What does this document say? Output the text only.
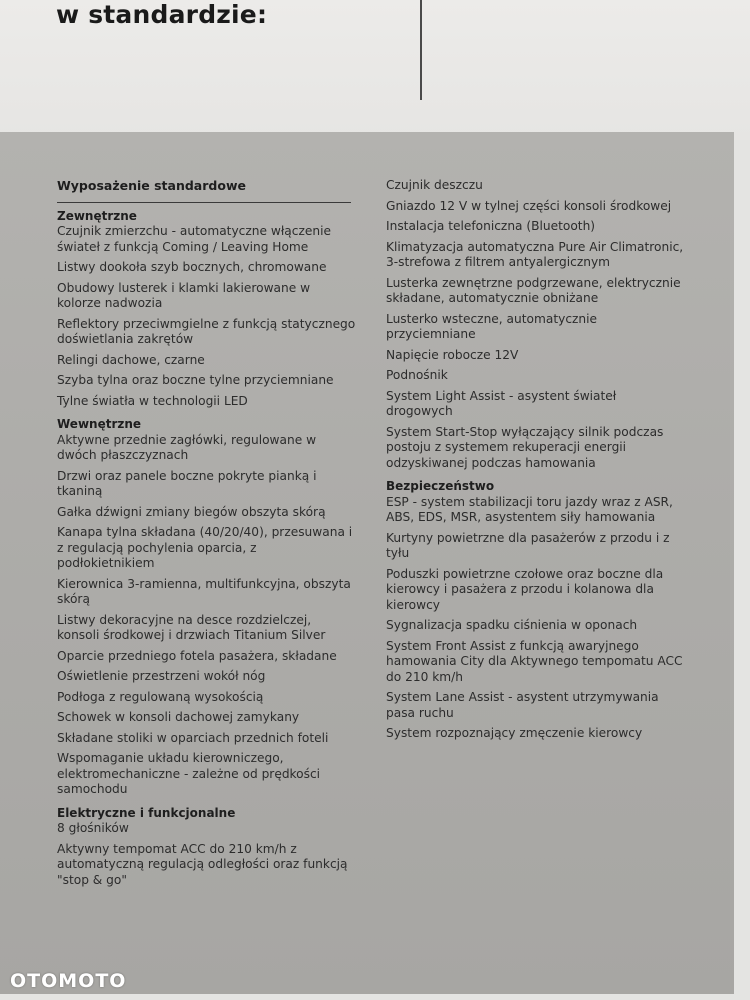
w standardzie:
Wyposażenie standardowe
Zewnętrzne
Czujnik zmierzchu - automatyczne włączenie świateł z funkcją Coming / Leaving Home
Listwy dookoła szyb bocznych, chromowane
Obudowy lusterek i klamki lakierowane w kolorze nadwozia
Reflektory przeciwmgielne z funkcją statycznego doświetlania zakrętów
Relingi dachowe, czarne
Szyba tylna oraz boczne tylne przyciemniane
Tylne światła w technologii LED
Wewnętrzne
Aktywne przednie zagłówki, regulowane w dwóch płaszczyznach
Drzwi oraz panele boczne pokryte pianką i tkaniną
Gałka dźwigni zmiany biegów obszyta skórą
Kanapa tylna składana (40/20/40), przesuwana i z regulacją pochylenia oparcia, z podłokietnikiem
Kierownica 3-ramienna, multifunkcyjna, obszyta skórą
Listwy dekoracyjne na desce rozdzielczej, konsoli środkowej i drzwiach Titanium Silver
Oparcie przedniego fotela pasażera, składane
Oświetlenie przestrzeni wokół nóg
Podłoga z regulowaną wysokością
Schowek w konsoli dachowej zamykany
Składane stoliki w oparciach przednich foteli
Wspomaganie układu kierowniczego, elektromechaniczne - zależne od prędkości samochodu
Elektryczne i funkcjonalne
8 głośników
Aktywny tempomat ACC do 210 km/h z automatyczną regulacją odległości oraz funkcją "stop & go"
Czujnik deszczu
Gniazdo 12 V w tylnej części konsoli środkowej
Instalacja telefoniczna (Bluetooth)
Klimatyzacja automatyczna Pure Air Climatronic, 3-strefowa z filtrem antyalergicznym
Lusterka zewnętrzne podgrzewane, elektrycznie składane, automatycznie obniżane
Lusterko wsteczne, automatycznie przyciemniane
Napięcie robocze 12V
Podnośnik
System Light Assist - asystent świateł drogowych
System Start-Stop wyłączający silnik podczas postoju z systemem rekuperacji energii odzyskiwanej podczas hamowania
Bezpieczeństwo
ESP - system stabilizacji toru jazdy wraz z ASR, ABS, EDS, MSR, asystentem siły hamowania
Kurtyny powietrzne dla pasażerów z przodu i z tyłu
Poduszki powietrzne czołowe oraz boczne dla kierowcy i pasażera z przodu i kolanowa dla kierowcy
Sygnalizacja spadku ciśnienia w oponach
System Front Assist z funkcją awaryjnego hamowania City dla Aktywnego tempomatu ACC do 210 km/h
System Lane Assist - asystent utrzymywania pasa ruchu
System rozpoznający zmęczenie kierowcy
OTOMOTO
